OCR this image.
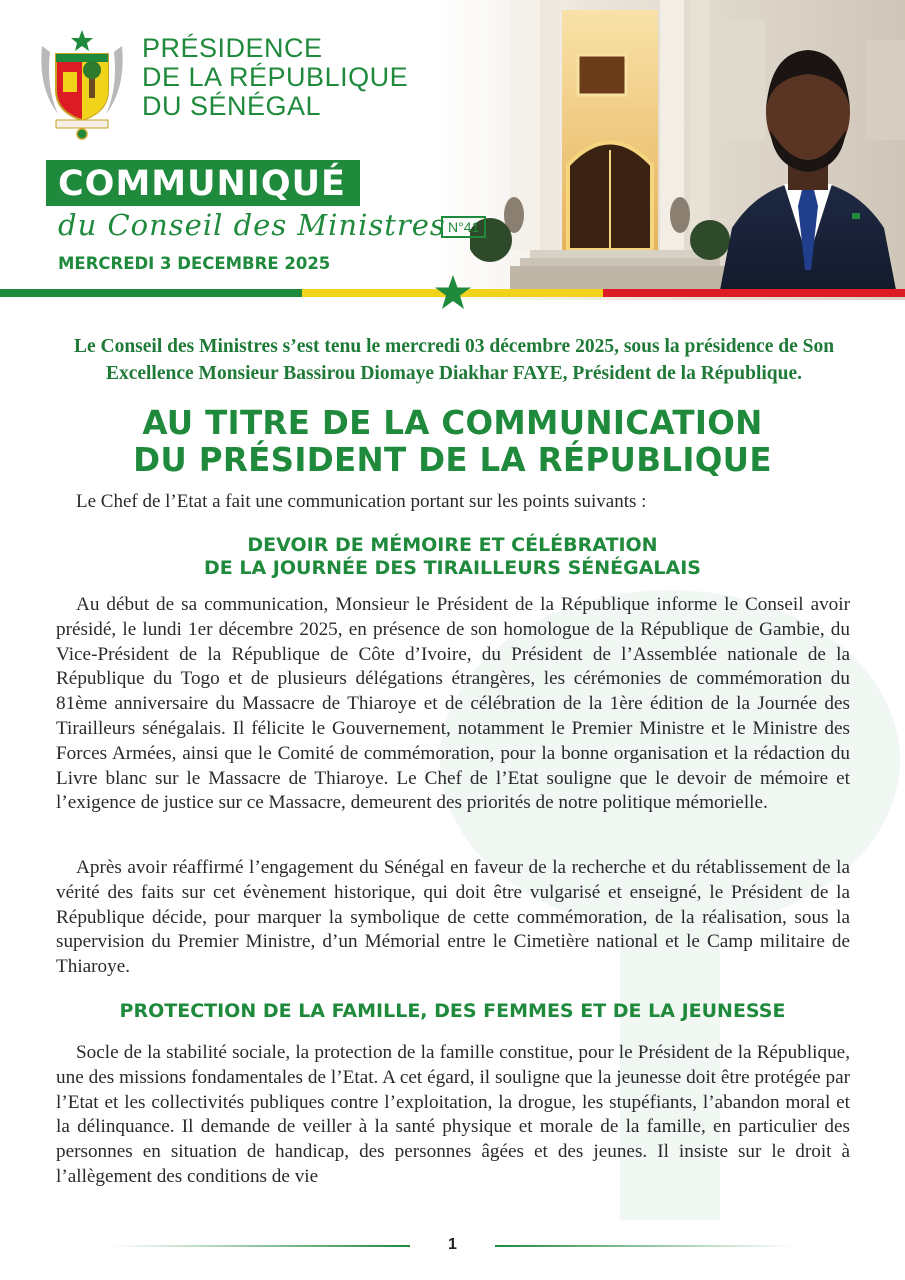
PRÉSIDENCE
DE LA RÉPUBLIQUE
DU SÉNÉGAL
COMMUNIQUÉ
du Conseil des Ministres N°41
MERCREDI 3 DECEMBRE 2025
Le Conseil des Ministres s’est tenu le mercredi 03 décembre 2025, sous la présidence de Son Excellence Monsieur Bassirou Diomaye Diakhar FAYE, Président de la République.
AU TITRE DE LA COMMUNICATION
DU PRÉSIDENT DE LA RÉPUBLIQUE
Le Chef de l’Etat a fait une communication portant sur les points suivants :
DEVOIR DE MÉMOIRE ET CÉLÉBRATION
DE LA JOURNÉE DES TIRAILLEURS SÉNÉGALAIS

Au début de sa communication, Monsieur le Président de la République informe le Conseil avoir présidé, le lundi 1er décembre 2025, en présence de son homologue de la République de Gambie, du Vice-Président de la République de Côte d’Ivoire, du Président de l’Assemblée nationale de la République du Togo et de plusieurs délégations étrangères, les cérémonies de commémoration du 81ème anniversaire du Massacre de Thiaroye et de célébration de la 1ère édition de la Journée des Tirailleurs sénégalais. Il félicite le Gouvernement, notamment le Premier Ministre et le Ministre des Forces Armées, ainsi que le Comité de commémoration, pour la bonne organisation et la rédaction du Livre blanc sur le Massacre de Thiaroye. Le Chef de l’Etat souligne que le devoir de mémoire et l’exigence de justice sur ce Massacre, demeurent des priorités de notre politique mémorielle.

Après avoir réaffirmé l’engagement du Sénégal en faveur de la recherche et du rétablissement de la vérité des faits sur cet évènement historique, qui doit être vulgarisé et enseigné, le Président de la République décide, pour marquer la symbolique de cette commémoration, de la réalisation, sous la supervision du Premier Ministre, d’un Mémorial entre le Cimetière national et le Camp militaire de Thiaroye.

PROTECTION DE LA FAMILLE, DES FEMMES ET DE LA JEUNESSE

Socle de la stabilité sociale, la protection de la famille constitue, pour le Président de la République, une des missions fondamentales de l’Etat. A cet égard, il souligne que la jeunesse doit être protégée par l’Etat et les collectivités publiques contre l’exploitation, la drogue, les stupéfiants, l’abandon moral et la délinquance. Il demande de veiller à la santé physique et morale de la famille, en particulier des personnes en situation de handicap, des personnes âgées et des jeunes. Il insiste sur le droit à l’allègement des conditions de vie

1
